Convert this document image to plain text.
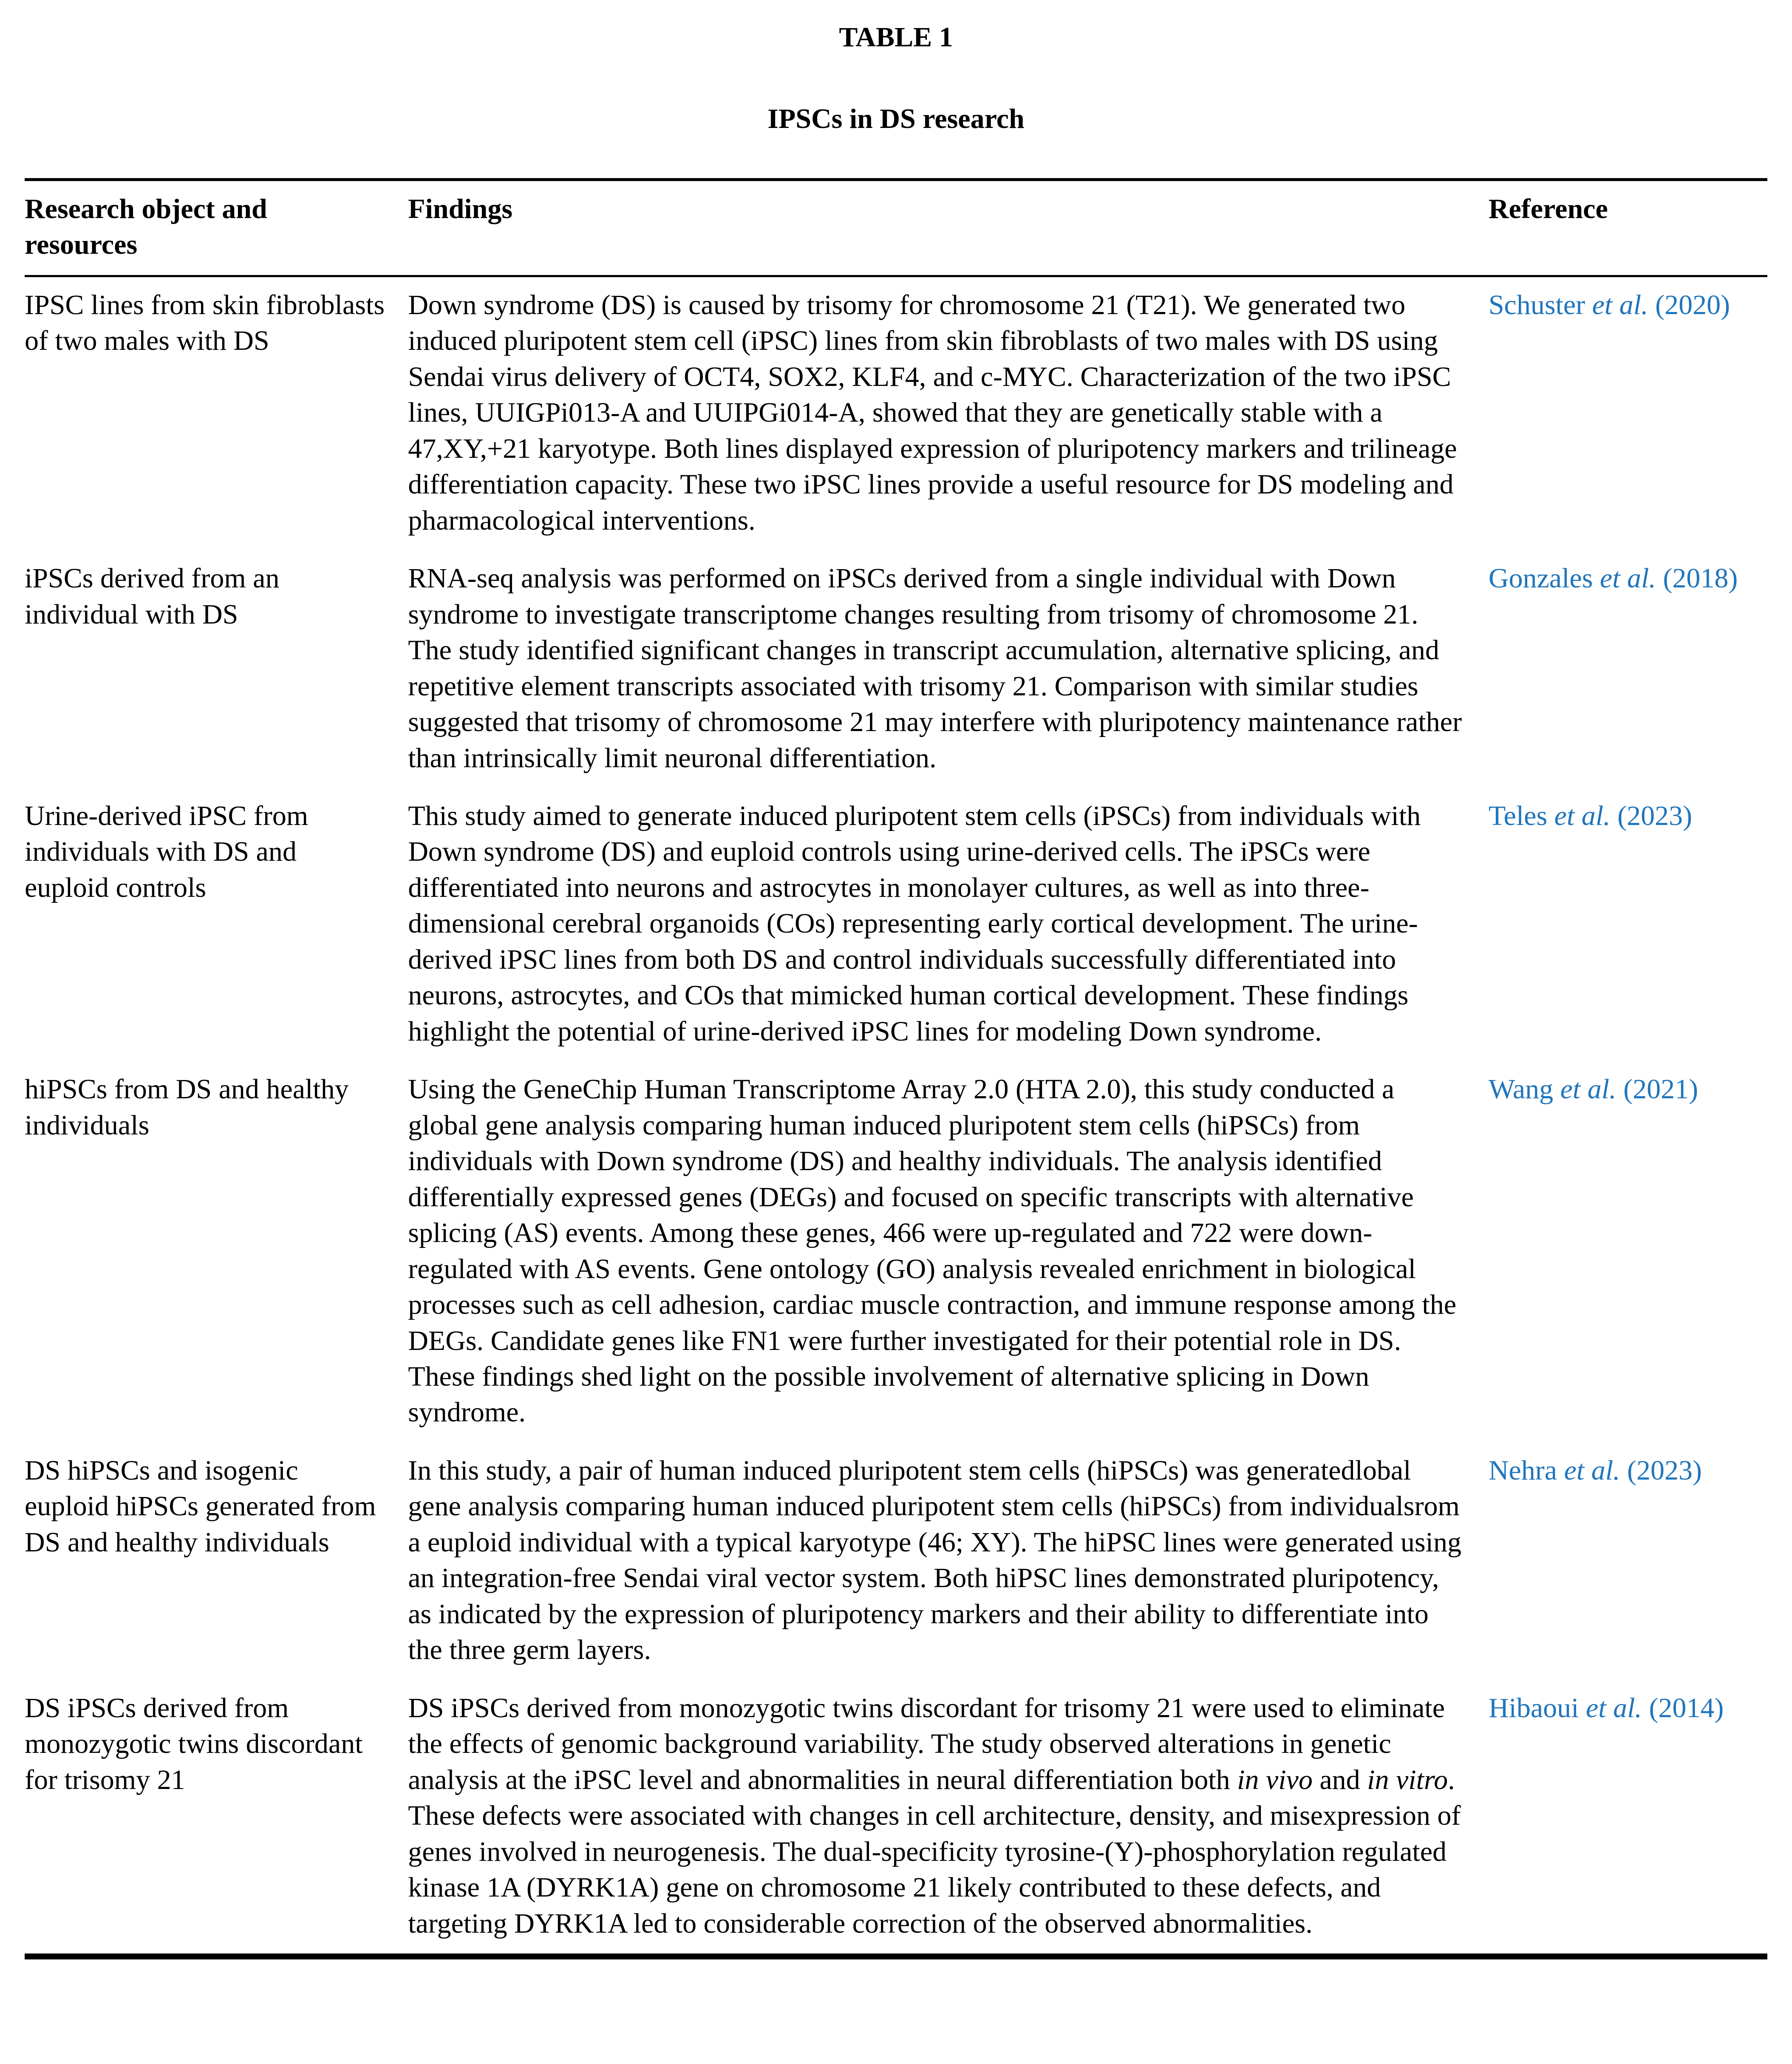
TABLE 1
IPSCs in DS research
Research object and resources	Findings	Reference
IPSC lines from skin fibroblasts of two males with DS	Down syndrome (DS) is caused by trisomy for chromosome 21 (T21). We generated two induced pluripotent stem cell (iPSC) lines from skin fibroblasts of two males with DS using Sendai virus delivery of OCT4, SOX2, KLF4, and c-MYC. Characterization of the two iPSC lines, UUIGPi013-A and UUIPGi014-A, showed that they are genetically stable with a 47,XY,+21 karyotype. Both lines displayed expression of pluripotency markers and trilineage differentiation capacity. These two iPSC lines provide a useful resource for DS modeling and pharmacological interventions.	Schuster et al. (2020)
iPSCs derived from an individual with DS	RNA-seq analysis was performed on iPSCs derived from a single individual with Down syndrome to investigate transcriptome changes resulting from trisomy of chromosome 21. The study identified significant changes in transcript accumulation, alternative splicing, and repetitive element transcripts associated with trisomy 21. Comparison with similar studies suggested that trisomy of chromosome 21 may interfere with pluripotency maintenance rather than intrinsically limit neuronal differentiation.	Gonzales et al. (2018)
Urine-derived iPSC from individuals with DS and euploid controls	This study aimed to generate induced pluripotent stem cells (iPSCs) from individuals with Down syndrome (DS) and euploid controls using urine-derived cells. The iPSCs were differentiated into neurons and astrocytes in monolayer cultures, as well as into three-dimensional cerebral organoids (COs) representing early cortical development. The urine-derived iPSC lines from both DS and control individuals successfully differentiated into neurons, astrocytes, and COs that mimicked human cortical development. These findings highlight the potential of urine-derived iPSC lines for modeling Down syndrome.	Teles et al. (2023)
hiPSCs from DS and healthy individuals	Using the GeneChip Human Transcriptome Array 2.0 (HTA 2.0), this study conducted a global gene analysis comparing human induced pluripotent stem cells (hiPSCs) from individuals with Down syndrome (DS) and healthy individuals. The analysis identified differentially expressed genes (DEGs) and focused on specific transcripts with alternative splicing (AS) events. Among these genes, 466 were up-regulated and 722 were down-regulated with AS events. Gene ontology (GO) analysis revealed enrichment in biological processes such as cell adhesion, cardiac muscle contraction, and immune response among the DEGs. Candidate genes like FN1 were further investigated for their potential role in DS. These findings shed light on the possible involvement of alternative splicing in Down syndrome.	Wang et al. (2021)
DS hiPSCs and isogenic euploid hiPSCs generated from DS and healthy individuals	In this study, a pair of human induced pluripotent stem cells (hiPSCs) was generatedlobal gene analysis comparing human induced pluripotent stem cells (hiPSCs) from individualsrom a euploid individual with a typical karyotype (46; XY). The hiPSC lines were generated using an integration-free Sendai viral vector system. Both hiPSC lines demonstrated pluripotency, as indicated by the expression of pluripotency markers and their ability to differentiate into the three germ layers.	Nehra et al. (2023)
DS iPSCs derived from monozygotic twins discordant for trisomy 21	DS iPSCs derived from monozygotic twins discordant for trisomy 21 were used to eliminate the effects of genomic background variability. The study observed alterations in genetic analysis at the iPSC level and abnormalities in neural differentiation both in vivo and in vitro. These defects were associated with changes in cell architecture, density, and misexpression of genes involved in neurogenesis. The dual-specificity tyrosine-(Y)-phosphorylation regulated kinase 1A (DYRK1A) gene on chromosome 21 likely contributed to these defects, and targeting DYRK1A led to considerable correction of the observed abnormalities.	Hibaoui et al. (2014)
